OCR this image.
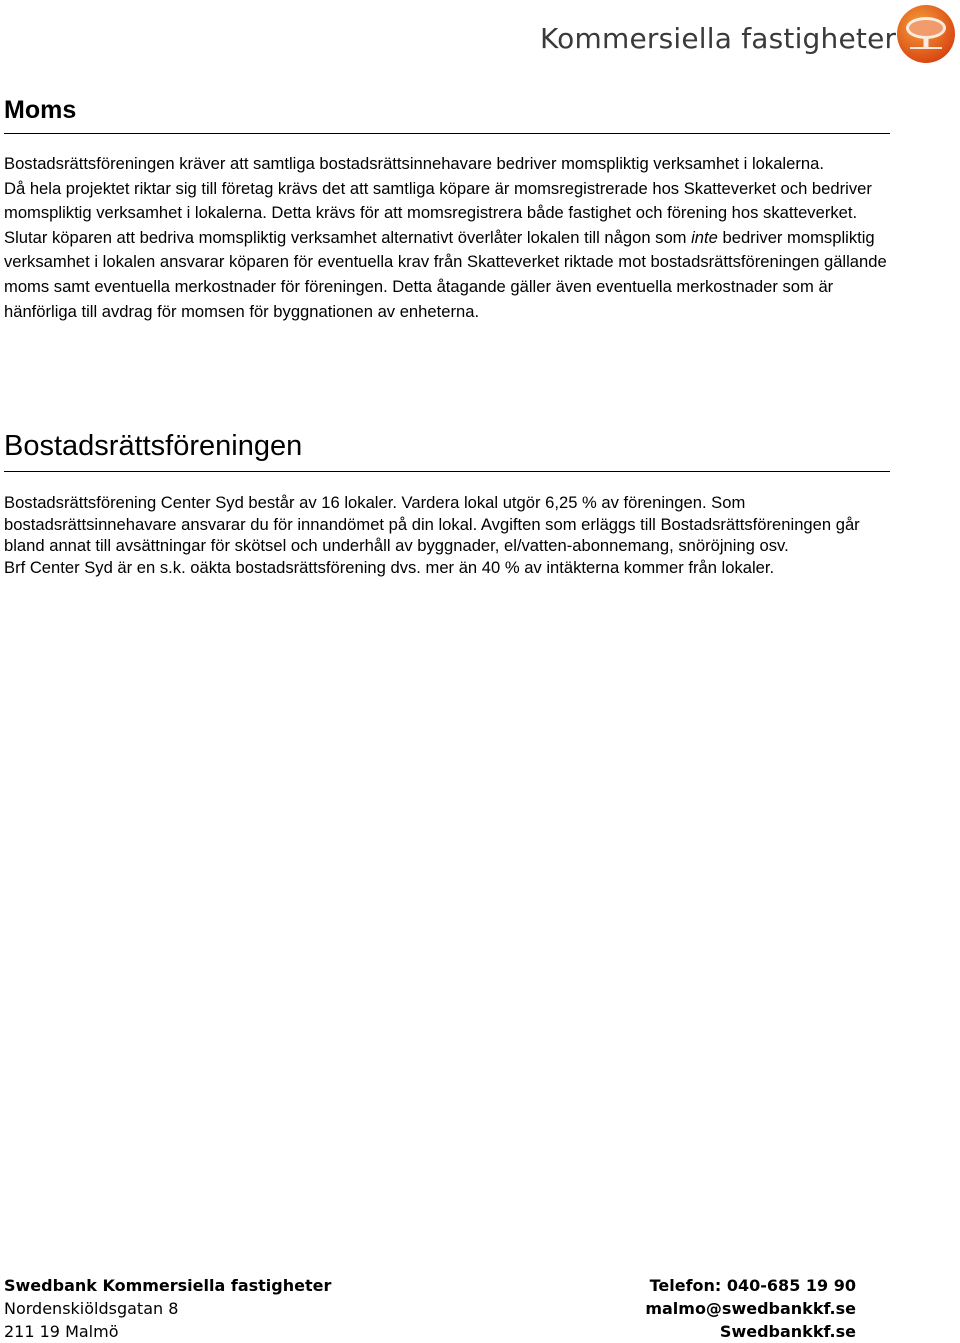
Kommersiella fastigheter
Moms

Bostadsrättsföreningen kräver att samtliga bostadsrättsinnehavare bedriver momspliktig verksamhet i lokalerna.

Då hela projektet riktar sig till företag krävs det att samtliga köpare är momsregistrerade hos Skatteverket och bedriver momspliktig verksamhet i lokalerna. Detta krävs för att momsregistrera både fastighet och förening hos skatteverket. Slutar köparen att bedriva momspliktig verksamhet alternativt överlåter lokalen till någon som inte bedriver momspliktig verksamhet i lokalen ansvarar köparen för eventuella krav från Skatteverket riktade mot bostadsrättsföreningen gällande moms samt eventuella merkostnader för föreningen. Detta åtagande gäller även eventuella merkostnader som är hänförliga till avdrag för momsen för byggnationen av enheterna.

Bostadsrättsföreningen

Bostadsrättsförening Center Syd består av 16 lokaler. Vardera lokal utgör 6,25 % av föreningen. Som bostadsrättsinnehavare ansvarar du för innandömet på din lokal. Avgiften som erläggs till Bostadsrättsföreningen går bland annat till avsättningar för skötsel och underhåll av byggnader, el/vatten-abonnemang, snöröjning osv.

Brf Center Syd är en s.k. oäkta bostadsrättsförening dvs. mer än 40 % av intäkterna kommer från lokaler.

Swedbank Kommersiella fastigheter
Nordenskiöldsgatan 8
211 19 Malmö
Telefon: 040-685 19 90
malmo@swedbankkf.se
Swedbankkf.se
